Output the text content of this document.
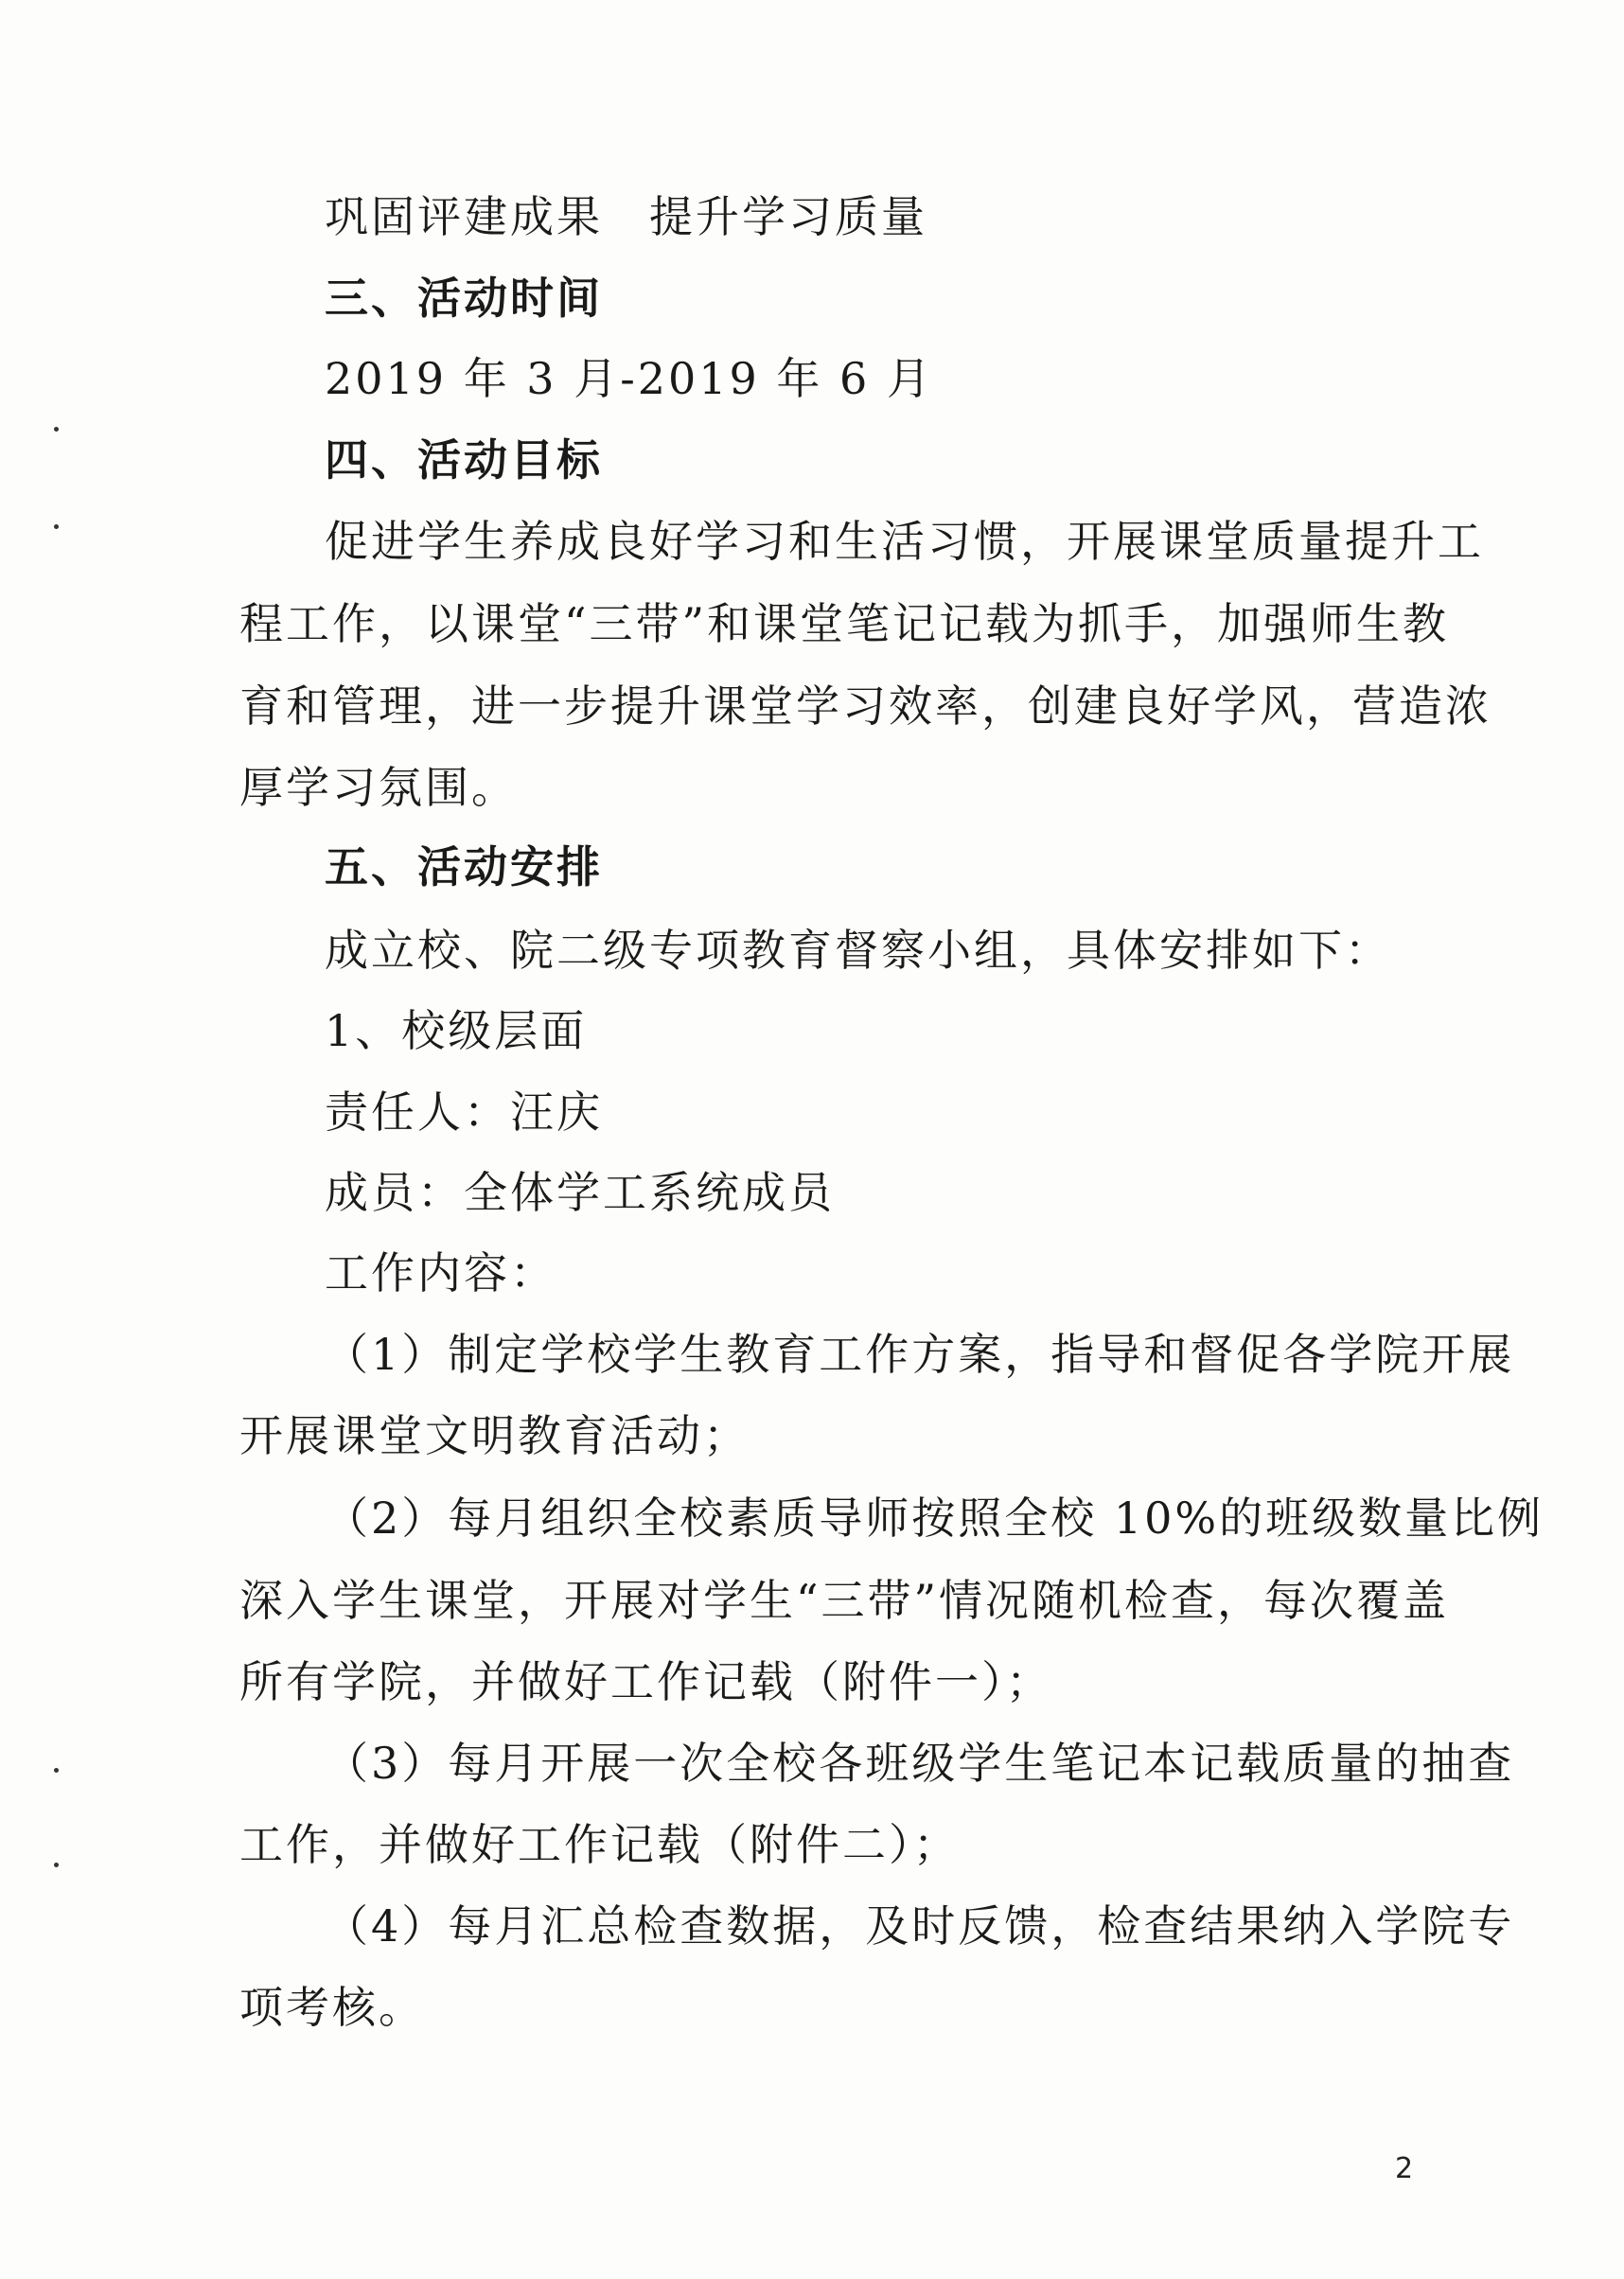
巩固评建成果　提升学习质量
三、活动时间
2019 年 3 月-2019 年 6 月
四、活动目标
促进学生养成良好学习和生活习惯，开展课堂质量提升工
程工作，以课堂“三带”和课堂笔记记载为抓手，加强师生教
育和管理，进一步提升课堂学习效率，创建良好学风，营造浓
厚学习氛围。
五、活动安排
成立校、院二级专项教育督察小组，具体安排如下：
1、校级层面
责任人：汪庆
成员：全体学工系统成员
工作内容：
（1）制定学校学生教育工作方案，指导和督促各学院开展
开展课堂文明教育活动；
（2）每月组织全校素质导师按照全校 10%的班级数量比例
深入学生课堂，开展对学生“三带”情况随机检查，每次覆盖
所有学院，并做好工作记载（附件一）；
（3）每月开展一次全校各班级学生笔记本记载质量的抽查
工作，并做好工作记载（附件二）；
（4）每月汇总检查数据，及时反馈，检查结果纳入学院专
项考核。
2
